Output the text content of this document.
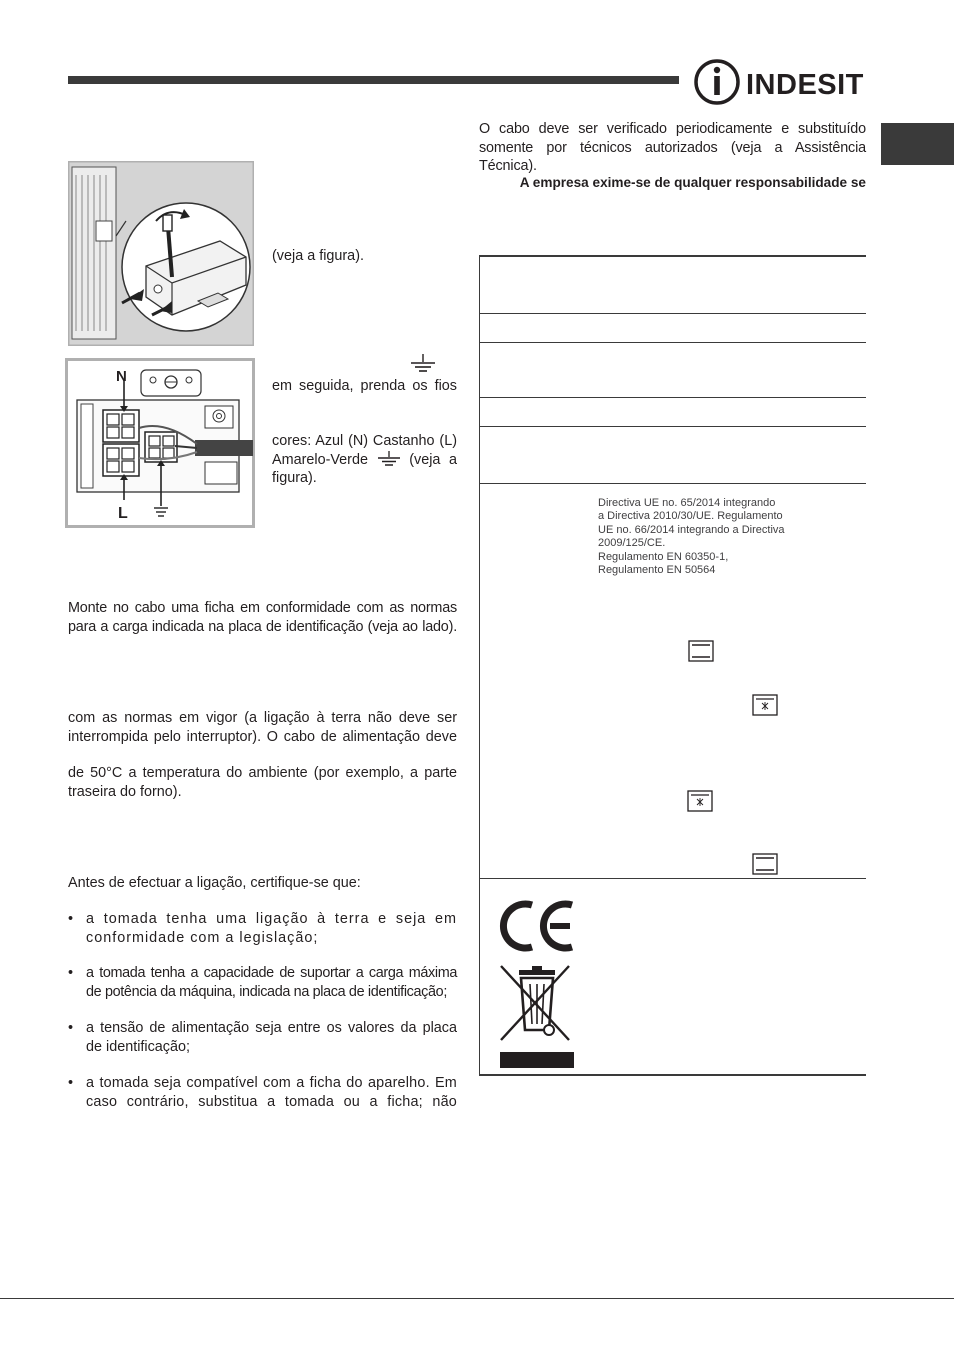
INDESIT
O cabo deve ser verificado periodicamente e substituído somente por técnicos autorizados (veja a Assistência Técnica).
A empresa exime-se de qualquer responsabilidade se
(veja a figura).
N
L
em seguida, prenda os fios
cores: Azul (N) Castanho (L) Amarelo-Verde	(veja a figura).
Monte no cabo uma ficha em conformidade com as normas para a carga indicada na placa de identificação (veja ao lado).
com as normas em vigor (a ligação à terra não deve ser interrompida pelo interruptor). O cabo de alimentação deve
de 50°C a temperatura do ambiente (por exemplo, a parte traseira do forno).
Antes de efectuar a ligação, certifique-se que:
• a tomada tenha uma ligação à terra e seja em conformidade com a legislação;
• a tomada tenha a capacidade de suportar a carga máxima de potência da máquina, indicada na placa de identificação;
• a tensão de alimentação seja entre os valores da placa de identificação;
• a tomada seja compatível com a ficha do aparelho. Em caso contrário, substitua a tomada ou a ficha; não
Directiva UE no. 65/2014 integrando
a Directiva 2010/30/UE. Regulamento
UE no. 66/2014 integrando a Directiva
2009/125/CE.
Regulamento EN 60350-1,
Regulamento EN 50564
